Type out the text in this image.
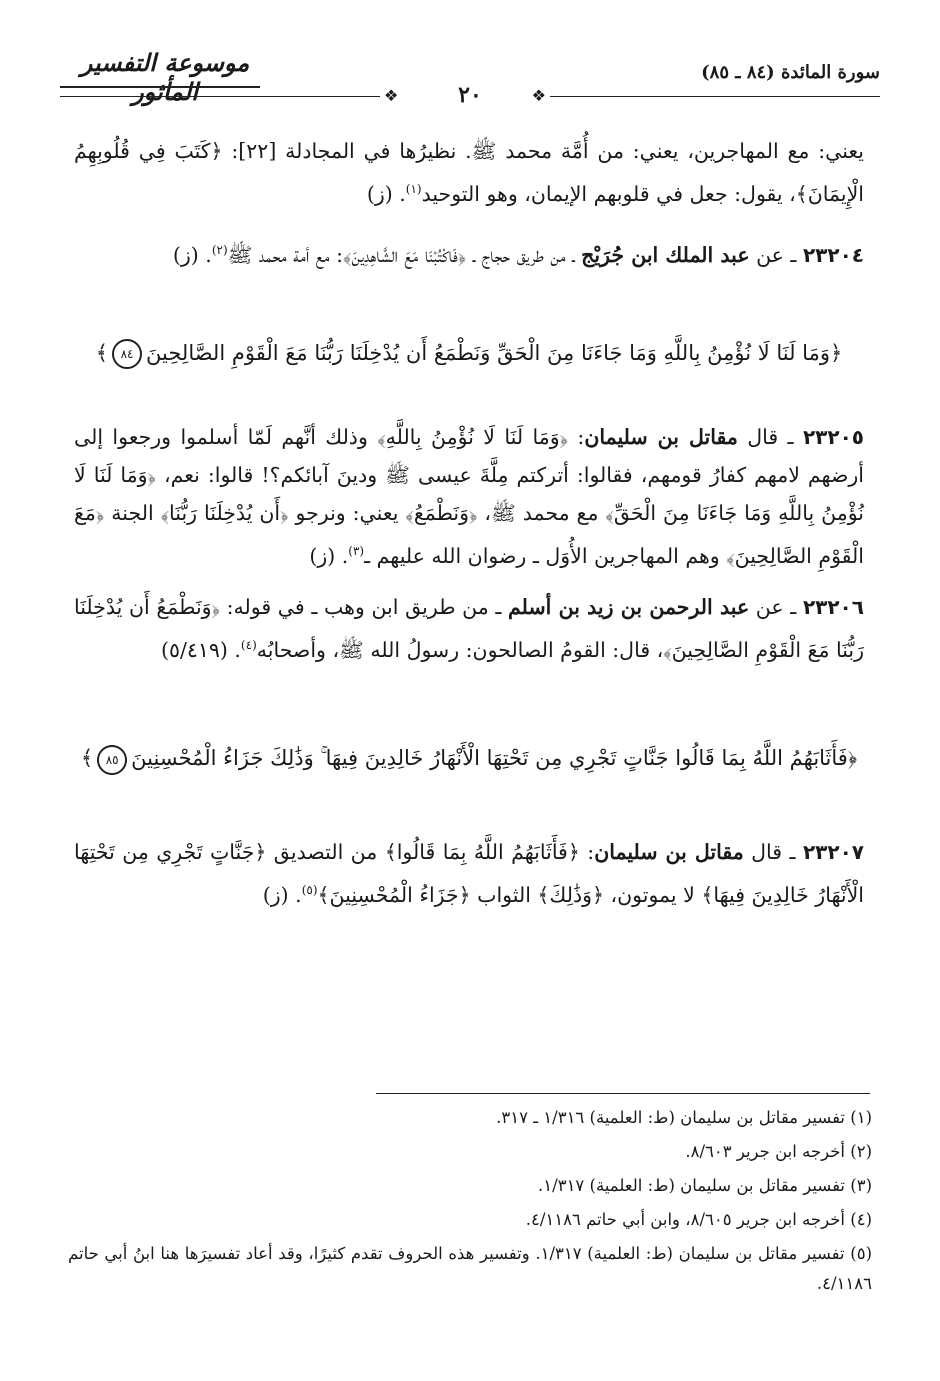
موسوعة التفسير المأثور
سورة المائدة (٨٤ ـ ٨٥)
❖	❖
٢٠

يعني: مع المهاجرين، يعني: من أُمَّة محمد ﷺ. نظيرُها في المجادلة [٢٢]: ﴿كَتَبَ فِي قُلُوبِهِمُ الْإِيمَانَ﴾، يقول: جعل في قلوبهم الإيمان، وهو التوحيد$^{(١)}$. (ز)

٢٣٢٠٤ ـ عن عبد الملك ابن جُرَيْج ـ من طريق حجاج ـ ﴿فَاكْتُبْنَا مَعَ الشَّاهِدِينَ﴾: مع أمة محمد ﷺ$^{(٢)}$. (ز)

﴿وَمَا لَنَا لَا نُؤْمِنُ بِاللَّهِ وَمَا جَاءَنَا مِنَ الْحَقِّ وَنَطْمَعُ أَن يُدْخِلَنَا رَبُّنَا مَعَ الْقَوْمِ الصَّالِحِينَ٨٤﴾

٢٣٢٠٥ ـ قال مقاتل بن سليمان: ﴿وَمَا لَنَا لَا نُؤْمِنُ بِاللَّهِ﴾ وذلك أنَّهم لَمّا أسلموا ورجعوا إلى أرضهم لامهم كفارُ قومهم، فقالوا: أتركتم مِلَّةَ عيسى ﷺ ودينَ آبائكم؟! قالوا: نعم، ﴿وَمَا لَنَا لَا نُؤْمِنُ بِاللَّهِ وَمَا جَاءَنَا مِنَ الْحَقِّ﴾ مع محمد ﷺ، ﴿وَنَطْمَعُ﴾ يعني: ونرجو ﴿أَن يُدْخِلَنَا رَبُّنَا﴾ الجنة ﴿مَعَ الْقَوْمِ الصَّالِحِينَ﴾ وهم المهاجرين الأُوَل ـ رضوان الله عليهم ـ$^{(٣)}$. (ز)

٢٣٢٠٦ ـ عن عبد الرحمن بن زيد بن أسلم ـ من طريق ابن وهب ـ في قوله: ﴿وَنَطْمَعُ أَن يُدْخِلَنَا رَبُّنَا مَعَ الْقَوْمِ الصَّالِحِينَ﴾، قال: القومُ الصالحون: رسولُ الله ﷺ، وأصحابُه$^{(٤)}$. (٥/٤١٩)

﴿فَأَثَابَهُمُ اللَّهُ بِمَا قَالُوا جَنَّاتٍ تَجْرِي مِن تَحْتِهَا الْأَنْهَارُ خَالِدِينَ فِيهَا ۚ وَذَٰلِكَ جَزَاءُ الْمُحْسِنِينَ٨٥﴾

٢٣٢٠٧ ـ قال مقاتل بن سليمان: ﴿فَأَثَابَهُمُ اللَّهُ بِمَا قَالُوا﴾ من التصديق ﴿جَنَّاتٍ تَجْرِي مِن تَحْتِهَا الْأَنْهَارُ خَالِدِينَ فِيهَا﴾ لا يموتون، ﴿وَذَٰلِكَ﴾ الثواب ﴿جَزَاءُ الْمُحْسِنِينَ﴾$^{(٥)}$. (ز)

(١) تفسير مقاتل بن سليمان (ط: العلمية) ١/٣١٦ ـ ٣١٧.

(٢) أخرجه ابن جرير ٨/٦٠٣.

(٣) تفسير مقاتل بن سليمان (ط: العلمية) ١/٣١٧.

(٤) أخرجه ابن جرير ٨/٦٠٥، وابن أبي حاتم ٤/١١٨٦.

(٥) تفسير مقاتل بن سليمان (ط: العلمية) ١/٣١٧. وتفسير هذه الحروف تقدم كثيرًا، وقد أعاد تفسيرَها هنا ابنُ أبي حاتم ٤/١١٨٦.
